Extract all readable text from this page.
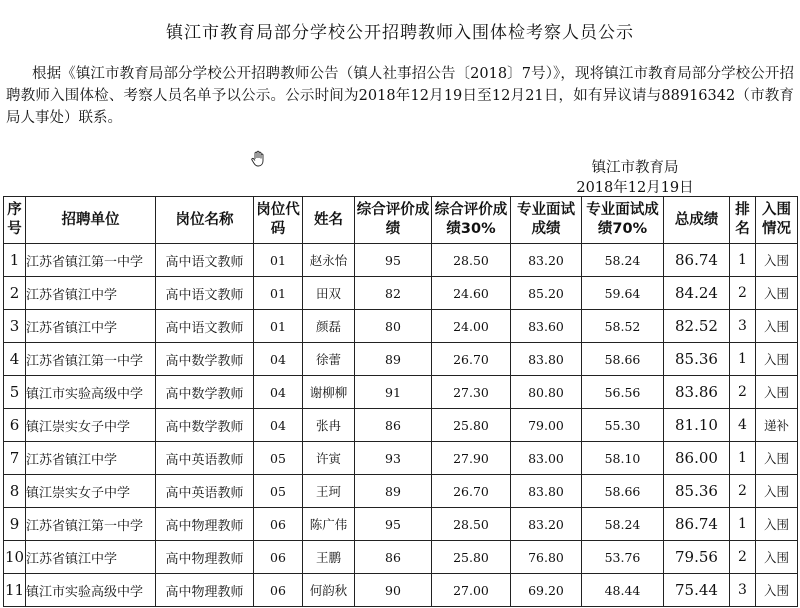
镇江市教育局部分学校公开招聘教师入围体检考察人员公示
根据《镇江市教育局部分学校公开招聘教师公告（镇人社事招公告〔2018〕7号）》，现将镇江市教育局部分学校公开招聘教师入围体检、考察人员名单予以公示。公示时间为2018年12月19日至12月21日，如有异议请与88916342（市教育局人事处）联系。
镇江市教育局
2018年12月19日
序号	招聘单位	岗位名称	岗位代码	姓名	综合评价成绩	综合评价成绩30%	专业面试成绩	专业面试成绩70%	总成绩	排名	入围情况
1	江苏省镇江第一中学	高中语文教师	01	赵永怡	95	28.50	83.20	58.24	86.74	1	入围
2	江苏省镇江中学	高中语文教师	01	田双	82	24.60	85.20	59.64	84.24	2	入围
3	江苏省镇江中学	高中语文教师	01	颜磊	80	24.00	83.60	58.52	82.52	3	入围
4	江苏省镇江第一中学	高中数学教师	04	徐蕾	89	26.70	83.80	58.66	85.36	1	入围
5	镇江市实验高级中学	高中数学教师	04	谢柳柳	91	27.30	80.80	56.56	83.86	2	入围
6	镇江崇实女子中学	高中数学教师	04	张冉	86	25.80	79.00	55.30	81.10	4	递补
7	江苏省镇江中学	高中英语教师	05	许寅	93	27.90	83.00	58.10	86.00	1	入围
8	镇江崇实女子中学	高中英语教师	05	王珂	89	26.70	83.80	58.66	85.36	2	入围
9	江苏省镇江第一中学	高中物理教师	06	陈广伟	95	28.50	83.20	58.24	86.74	1	入围
10	江苏省镇江中学	高中物理教师	06	王鹏	86	25.80	76.80	53.76	79.56	2	入围
11	镇江市实验高级中学	高中物理教师	06	何韵秋	90	27.00	69.20	48.44	75.44	3	入围
